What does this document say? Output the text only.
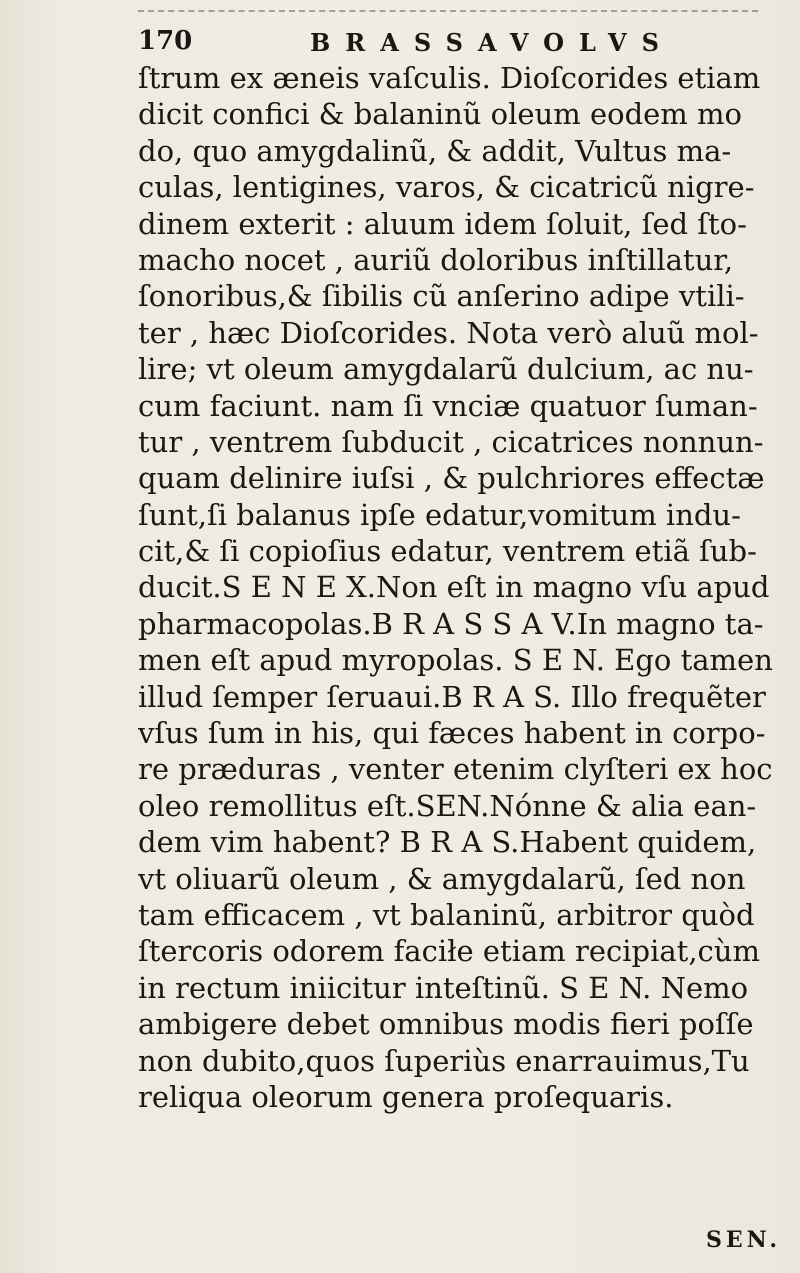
170	BRASSAVOLVS
ſtrum ex æneis vaſculis. Dioſcorides etiam
dicit confici & balaninũ oleum eodem mo
do, quo amygdalinũ, & addit, Vultus ma-
culas, lentigines, varos, & cicatricũ nigre-
dinem exterit : aluum idem ſoluit, ſed ſto-
macho nocet , auriũ doloribus inſtillatur,
ſonoribus,& ſibilis cũ anſerino adipe vtili-
ter , hæc Dioſcorides. Nota verò aluũ mol-
lire; vt oleum amygdalarũ dulcium, ac nu-
cum faciunt. nam ſi vnciæ quatuor ſuman-
tur , ventrem ſubducit , cicatrices nonnun-
quam delinire iuſsi , & pulchriores effectæ
ſunt,ſi balanus ipſe edatur,vomitum indu-
cit,& ſi copioſius edatur, ventrem etiã ſub-
ducit.S E N E X.Non eſt in magno vſu apud
pharmacopolas.B R A S S A V.In magno ta-
men eſt apud myropolas. S E N. Ego tamen
illud ſemper ſeruaui.B R A S. Illo frequẽter
vſus ſum in his, qui fæces habent in corpo-
re præduras , venter etenim clyſteri ex hoc
oleo remollitus eſt.SEN.Nónne & alia ean-
dem vim habent? B R A S.Habent quidem,
vt oliuarũ oleum , & amygdalarũ, ſed non
tam efficacem , vt balaninũ, arbitror quòd
ſtercoris odorem faciłe etiam recipiat,cùm
in rectum iniicitur inteſtinũ. S E N. Nemo
ambigere debet omnibus modis fieri poſſe
non dubito,quos ſuperiùs enarrauimus,Tu
reliqua oleorum genera proſequaris.
SEN.
